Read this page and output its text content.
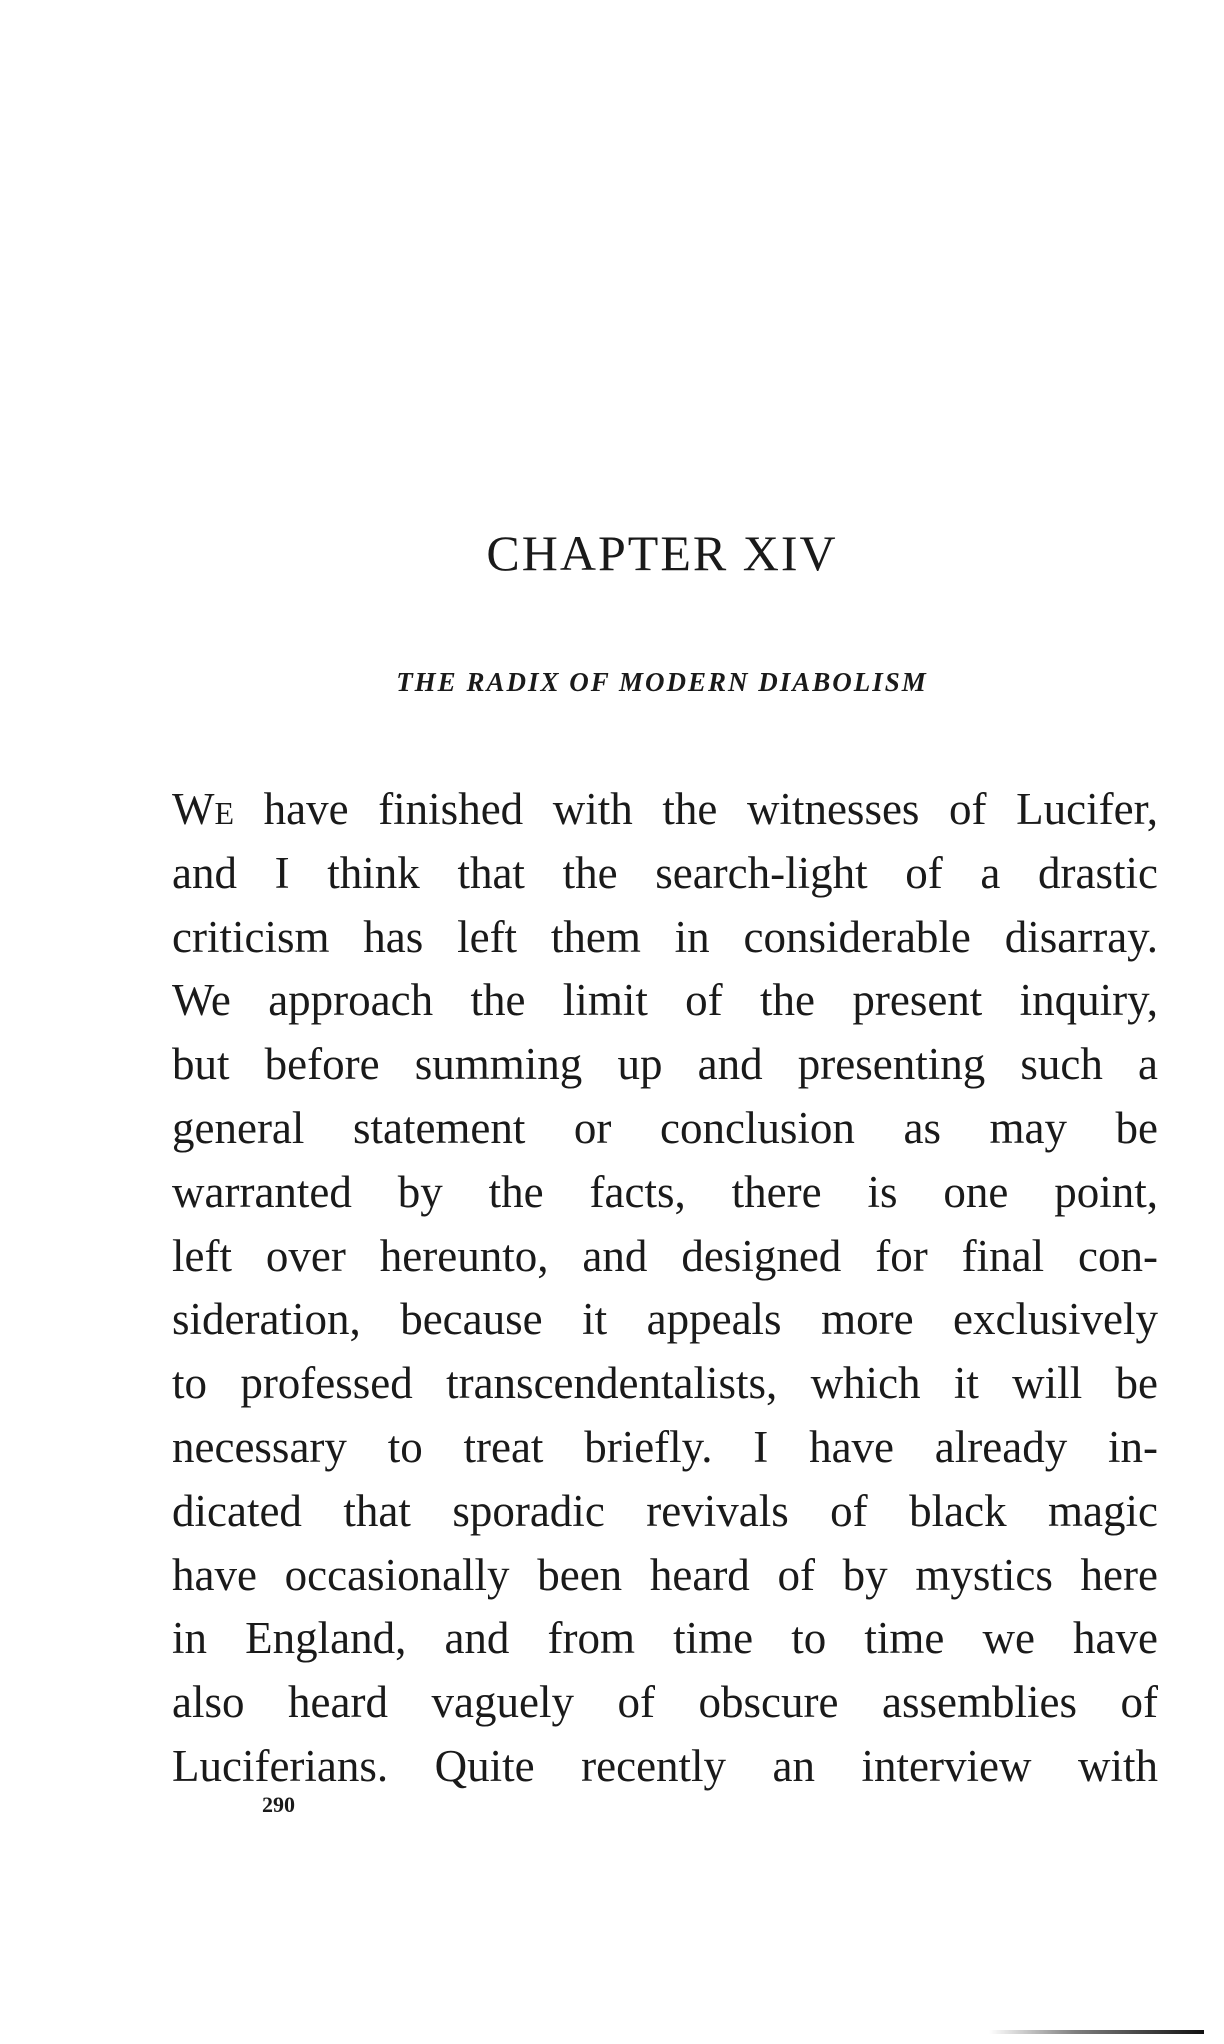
CHAPTER XIV
THE RADIX OF MODERN DIABOLISM
We have finished with the witnesses of Lucifer,
and I think that the search-light of a drastic
criticism has left them in considerable disarray.
We approach the limit of the present inquiry,
but before summing up and presenting such a
general statement or conclusion as may be
warranted by the facts, there is one point,
left over hereunto, and designed for final con-
sideration, because it appeals more exclusively
to professed transcendentalists, which it will be
necessary to treat briefly. I have already in-
dicated that sporadic revivals of black magic
have occasionally been heard of by mystics here
in England, and from time to time we have
also heard vaguely of obscure assemblies of
Luciferians. Quite recently an interview with
290
